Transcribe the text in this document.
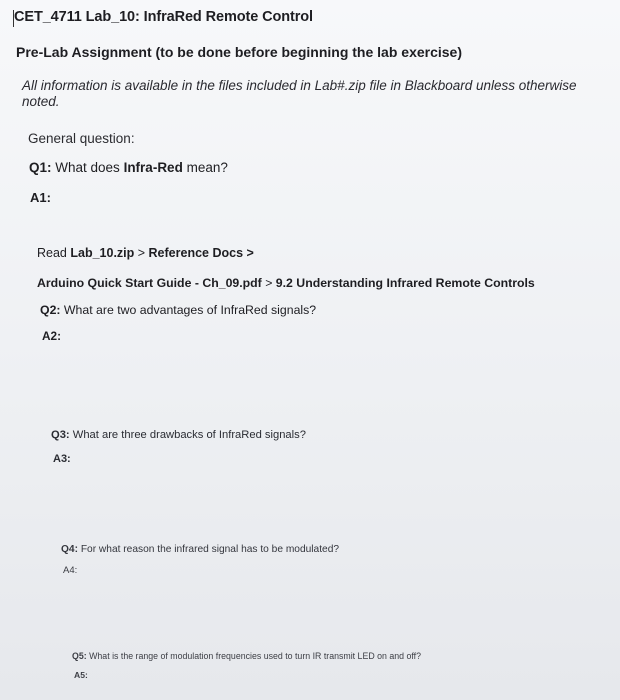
CET_4711 Lab_10: InfraRed Remote Control
Pre-Lab Assignment (to be done before beginning the lab exercise)
All information is available in the files included in Lab#.zip file in Blackboard unless otherwise
noted.
General question:
Q1: What does Infra-Red mean?
A1:
Read Lab_10.zip > Reference Docs >
Arduino Quick Start Guide - Ch_09.pdf > 9.2 Understanding Infrared Remote Controls
Q2: What are two advantages of InfraRed signals?
A2:
Q3: What are three drawbacks of InfraRed signals?
A3:
Q4: For what reason the infrared signal has to be modulated?
A4:
Q5: What is the range of modulation frequencies used to turn IR transmit LED on and off?
A5:
